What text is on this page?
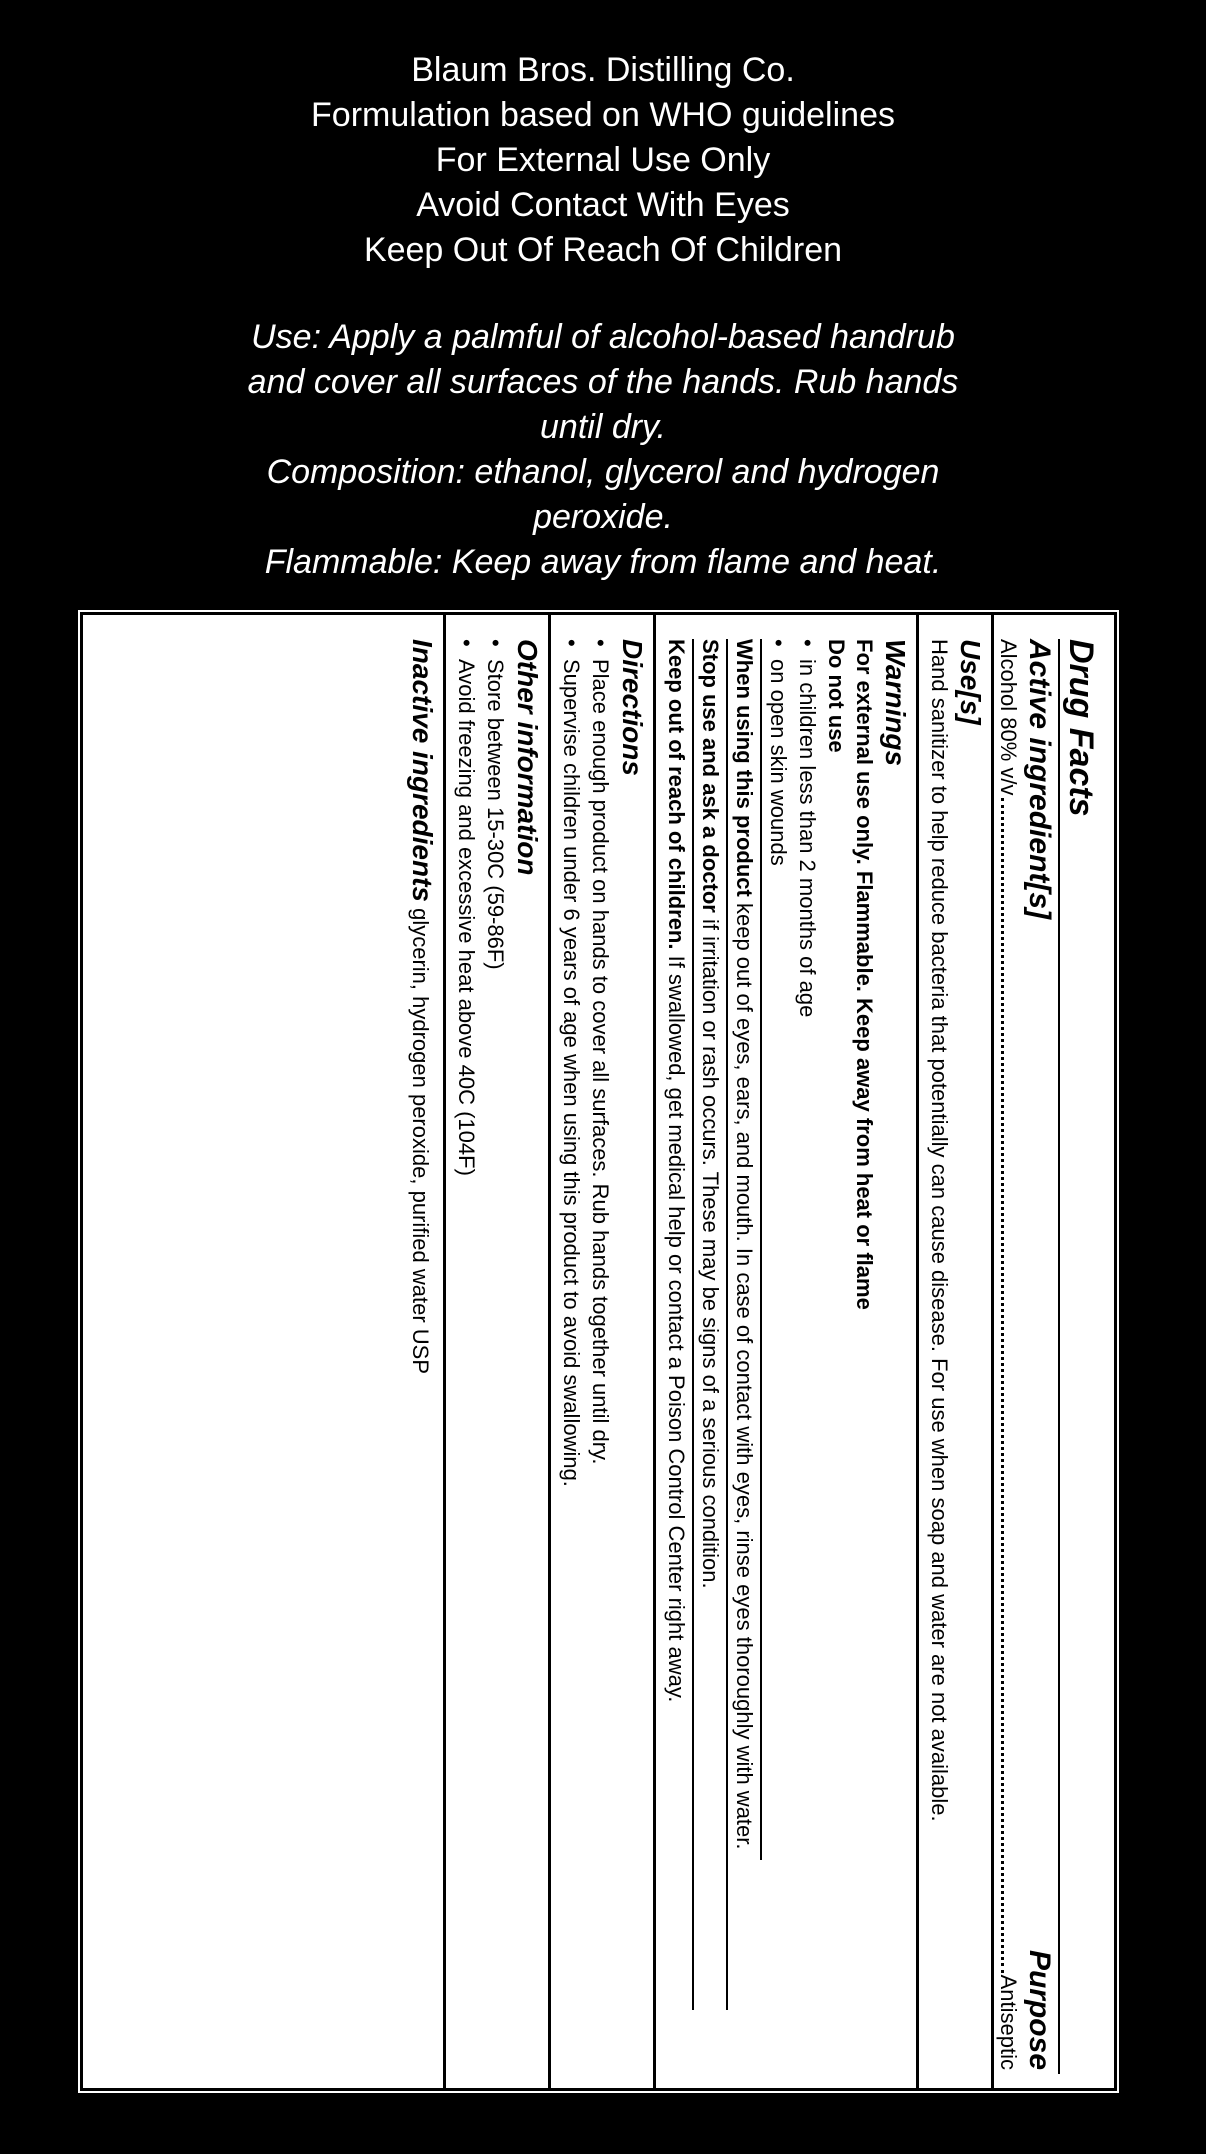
Blaum Bros. Distilling Co.
Formulation based on WHO guidelines
For External Use Only
Avoid Contact With Eyes
Keep Out Of Reach Of Children
Use: Apply a palmful of alcohol-based handrub
and cover all surfaces of the hands. Rub hands
until dry.
Composition: ethanol, glycerol and hydrogen
peroxide.
Flammable: Keep away from flame and heat.
Drug Facts
Active ingredient[s]
Purpose
Alcohol 80% v/v
Antiseptic
Use[s]
Hand sanitizer to help reduce bacteria that potentially can cause disease. For use when soap and water are not available.
Warnings
For external use only. Flammable. Keep away from heat or flame
Do not use
• in children less than 2 months of age
• on open skin wounds
When using this product keep out of eyes, ears, and mouth. In case of contact with eyes, rinse eyes thoroughly with water.
Stop use and ask a doctor if irritation or rash occurs. These may be signs of a serious condition.
Keep out of reach of children. If swallowed, get medical help or contact a Poison Control Center right away.
Directions
• Place enough product on hands to cover all surfaces. Rub hands together until dry.
• Supervise children under 6 years of age when using this product to avoid swallowing.
Other information
• Store between 15-30C (59-86F)
• Avoid freezing and excessive heat above 40C (104F)
Inactive ingredients glycerin, hydrogen peroxide, purified water USP
